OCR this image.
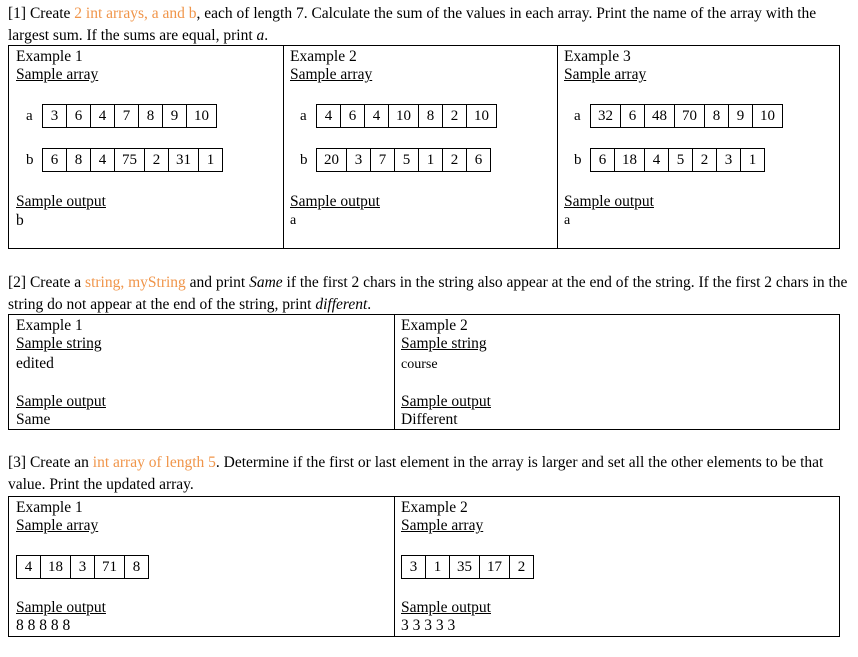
[1] Create 2 int arrays, a and b, each of length 7. Calculate the sum of the values in each array. Print the name of the array with the largest sum. If the sums are equal, print a.
Example 1
Sample array
a	3	6	4	7	8	9	10
b	6	8	4	75	2	31	1
Sample output
b
Example 2
Sample array
a	4	6	4	10	8	2	10
b	20	3	7	5	1	2	6
Sample output
a
Example 3
Sample array
a	32	6	48	70	8	9	10
b	6	18	4	5	2	3	1
Sample output
a
[2] Create a string, myString and print Same if the first 2 chars in the string also appear at the end of the string. If the first 2 chars in the string do not appear at the end of the string, print different.
Example 1
Sample string
edited
Sample output
Same
Example 2
Sample string
course
Sample output
Different
[3] Create an int array of length 5. Determine if the first or last element in the array is larger and set all the other elements to be that value. Print the updated array.
Example 1
Sample array
4	18	3	71	8
Sample output
8 8 8 8 8
Example 2
Sample array
3	1	35	17	2
Sample output
3 3 3 3 3
